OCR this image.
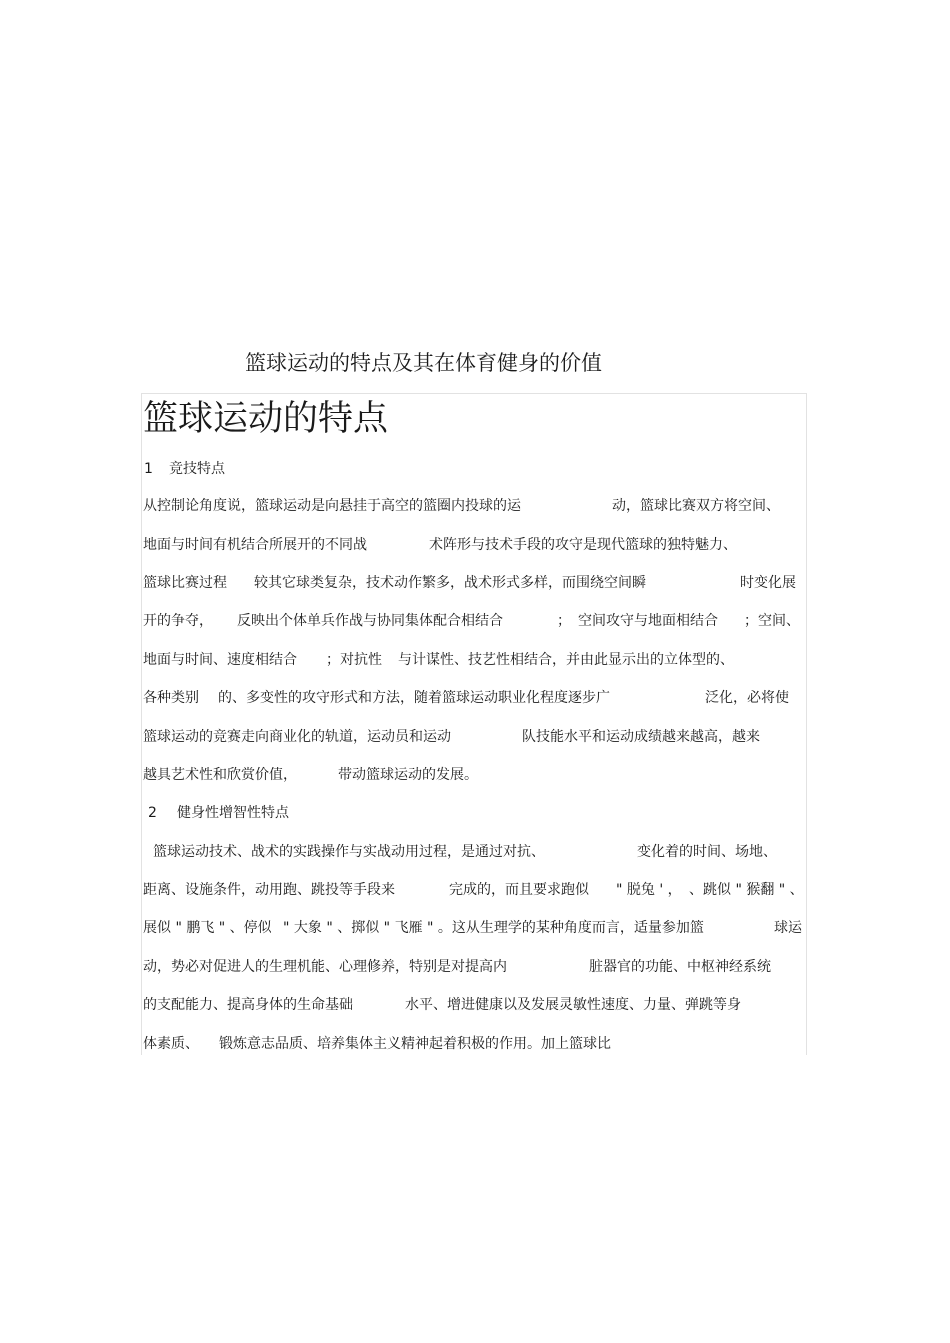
篮球运动的特点及其在体育健身的价值
篮球运动的特点
1 竞技特点
从控制论角度说，篮球运动是向悬挂于高空的篮圈内投球的运	动，篮球比赛双方将空间、
地面与时间有机结合所展开的不同战	术阵形与技术手段的攻守是现代篮球的独特魅力、
篮球比赛过程 较其它球类复杂，技术动作繁多，战术形式多样，而围绕空间瞬	时变化展
开的争夺， 反映出个体单兵作战与协同集体配合相结合	； 空间攻守与地面相结合 ；空间、
地面与时间、速度相结合 ；对抗性 与计谋性、技艺性相结合，并由此显示出的立体型的、
各种类别 的、多变性的攻守形式和方法，随着篮球运动职业化程度逐步广	泛化，必将使
篮球运动的竞赛走向商业化的轨道，运动员和运动	队技能水平和运动成绩越来越高，越来
越具艺术性和欣赏价值，	带动篮球运动的发展。
2 健身性增智性特点
篮球运动技术、战术的实践操作与实战动用过程，是通过对抗、	变化着的时间、场地、
距离、设施条件，动用跑、跳投等手段来	完成的，而且要求跑似 " 脱兔 ' ， 、跳似 " 猴翻 " 、
展似 " 鹏飞 " 、停似 " 大象 " 、掷似 " 飞雁 " 。这从生理学的某种角度而言，适量参加篮	球运
动，势必对促进人的生理机能、心理修养，特别是对提高内	脏器官的功能、中枢神经系统
的支配能力、提高身体的生命基础	水平、增进健康以及发展灵敏性速度、力量、弹跳等身
体素质、 锻炼意志品质、培养集体主义精神起着积极的作用。加上篮球比
